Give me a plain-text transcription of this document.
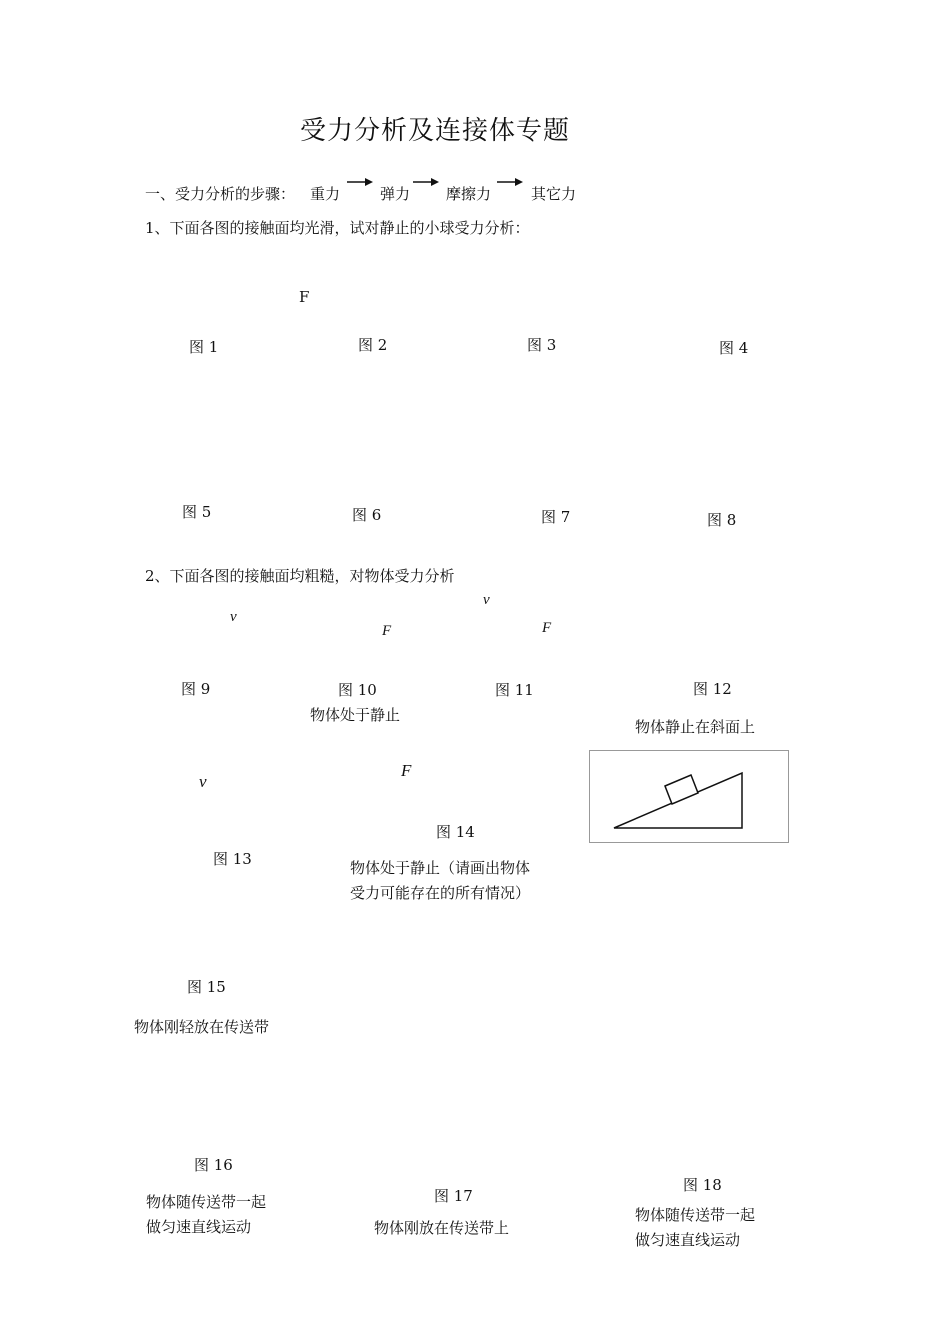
受力分析及连接体专题
一、受力分析的步骤： 重力	弹力 摩擦力	其它力
1、下面各图的接触面均光滑，试对静止的小球受力分析：
F
图 1	图 2	图 3	图 4
图 5	图 6	图 7	图 8
2、下面各图的接触面均粗糙，对物体受力分析
v
F
v
F
图 9	图 10	图 11	图 12
物体处于静止
物体静止在斜面上
v
F
图 14
图 13	物体处于静止（请画出物体
受力可能存在的所有情况）
图 15
物体刚轻放在传送带
图 16
图 18
图 17
物体随传送带一起
做匀速直线运动	物体刚放在传送带上
物体随传送带一起
做匀速直线运动
